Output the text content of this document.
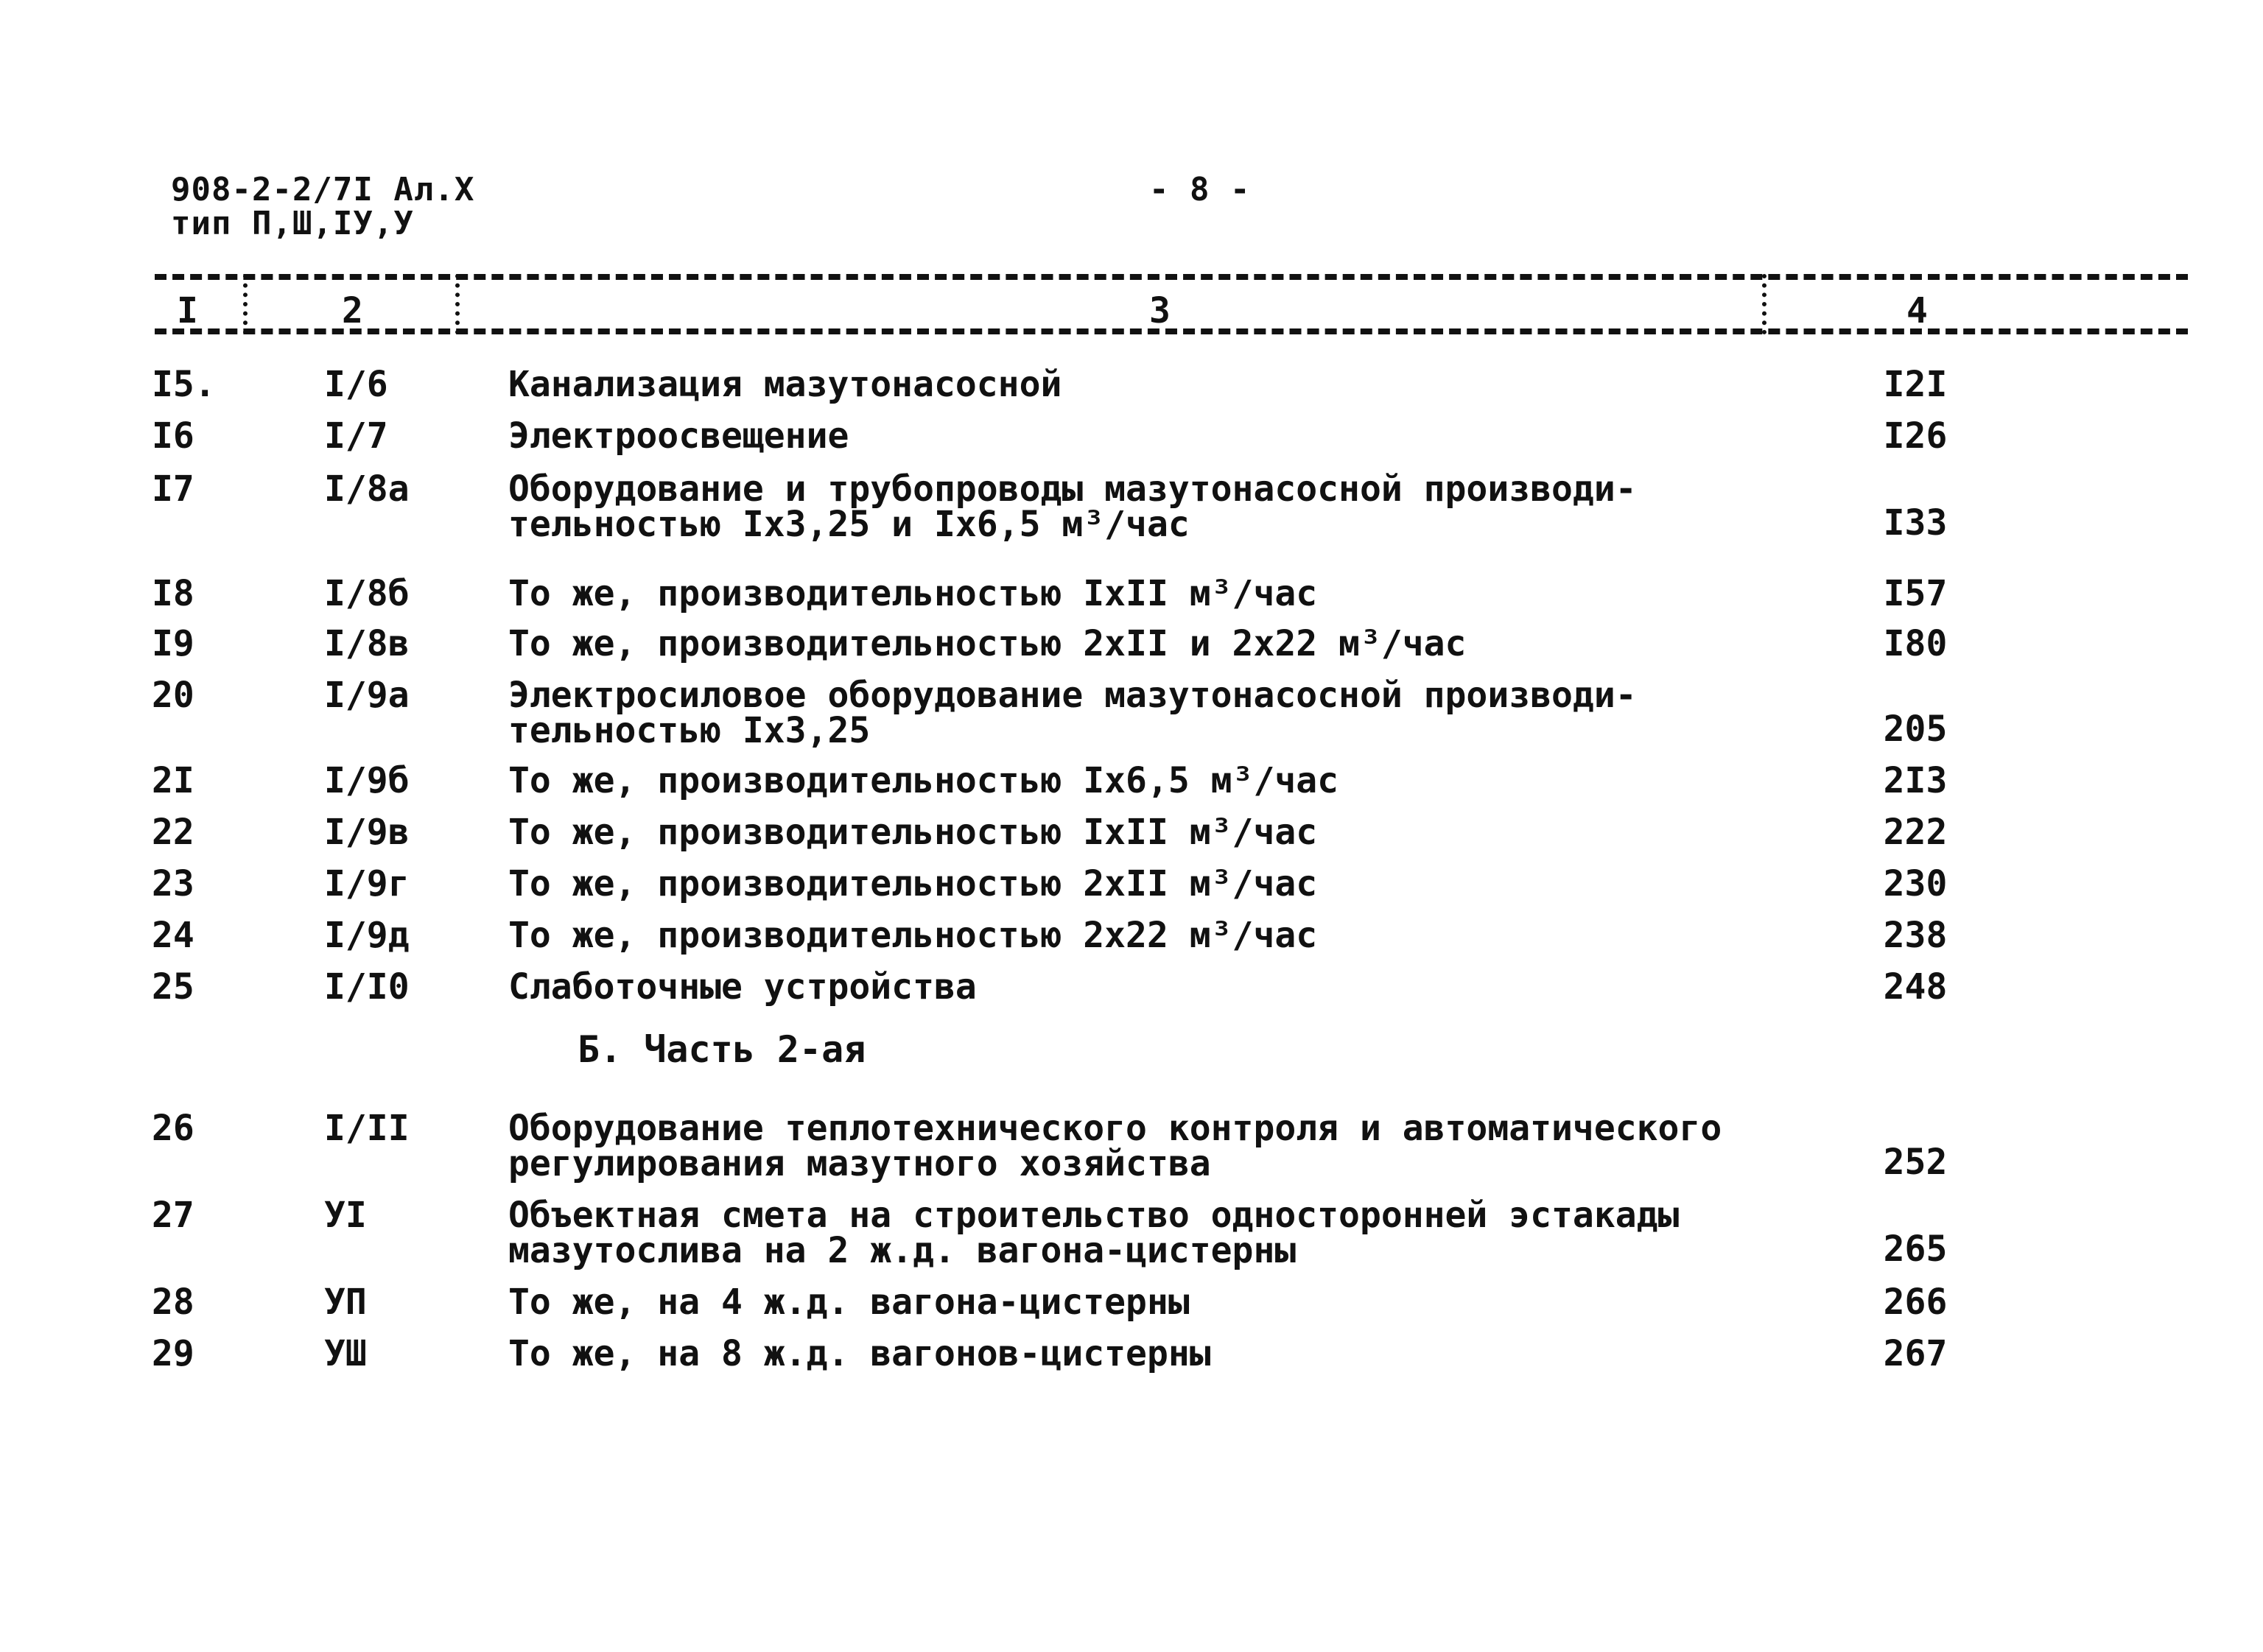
908-2-2/7I Ал.Х
тип П,Ш,IУ,У
- 8 -
I	2	3	4
I5.	I/6	Канализация мазутонасосной	I2I
I6	I/7	Электроосвещение	I26
I7	I/8а	Оборудование и трубопроводы мазутонасосной производи-
тельностью Iх3,25 и Iх6,5 м³/час	I33
I8	I/8б	То же, производительностью IхII м³/час	I57
I9	I/8в	То же, производительностью 2хII и 2х22 м³/час	I80
20	I/9а	Электросиловое оборудование мазутонасосной производи-
тельностью Iх3,25	205
2I	I/9б	То же, производительностью Iх6,5 м³/час	2I3
22	I/9в	То же, производительностью IхII м³/час	222
23	I/9г	То же, производительностью 2хII м³/час	230
24	I/9д	То же, производительностью 2х22 м³/час	238
25	I/I0	Слаботочные устройства	248
Б. Часть 2-ая
26	I/II	Оборудование теплотехнического контроля и автоматического
регулирования мазутного хозяйства	252
27	УI	Объектная смета на строительство односторонней эстакады
мазутослива на 2 ж.д. вагона-цистерны	265
28	УП	То же, на 4 ж.д. вагона-цистерны	266
29	УШ	То же, на 8 ж.д. вагонов-цистерны	267
